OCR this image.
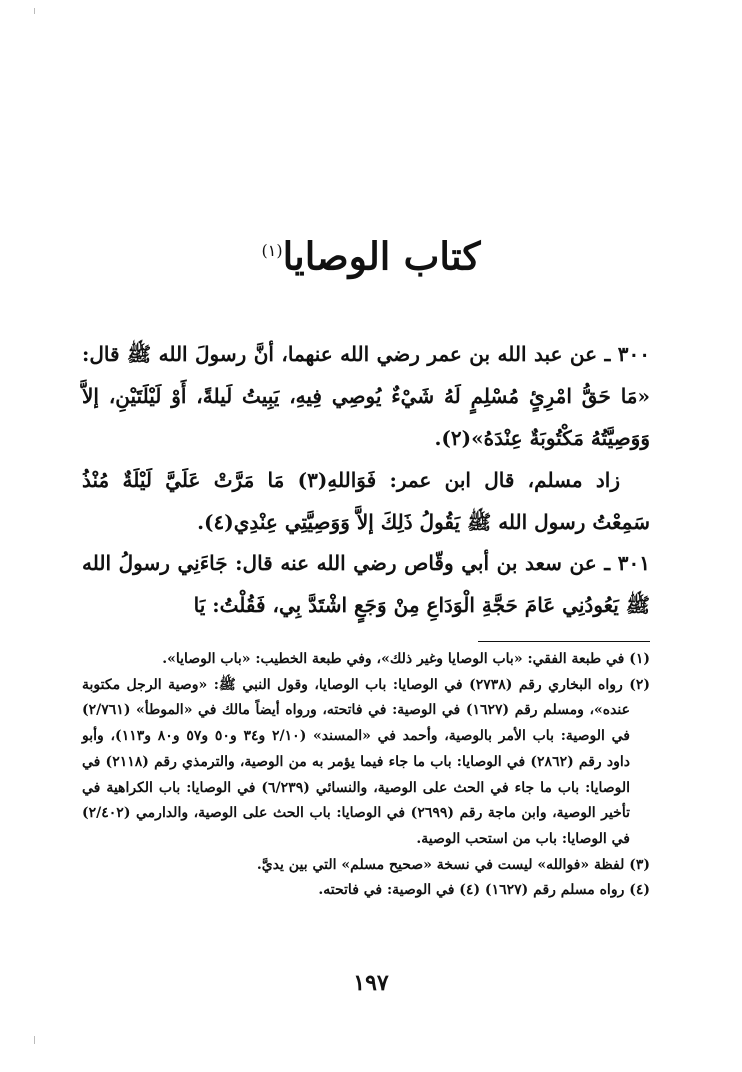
كتاب الوصايا$^{(١)}$

٣٠٠ ـ عن عبد الله بن عمر رضي الله عنهما، أنَّ رسولَ الله ﷺ قال: «مَا حَقُّ امْرِئٍ مُسْلِمٍ لَهُ شَيْءٌ يُوصِي فِيهِ، يَبِيتُ لَيلةً، أَوْ لَيْلَتَيْنِ، إلاَّ وَوَصِيَّتُهُ مَكْتُوبَةٌ عِنْدَهُ»(٢).

زاد مسلم، قال ابن عمر: فَوَاللهِ(٣) مَا مَرَّتْ عَلَيَّ لَيْلَةٌ مُنْذُ سَمِعْتُ رسول الله ﷺ يَقُولُ ذَلِكَ إلاَّ وَوَصِيَّتِي عِنْدِي(٤).

٣٠١ ـ عن سعد بن أبي وقّاص رضي الله عنه قال: جَاءَنِي رسولُ الله ﷺ يَعُودُنِي عَامَ حَجَّةِ الْوَدَاعِ مِنْ وَجَعٍ اشْتَدَّ بِي، فَقُلْتُ: يَا

(١) في طبعة الفقي: «باب الوصايا وغير ذلك»، وفي طبعة الخطيب: «باب الوصايا».

(٢) رواه البخاري رقم (٢٧٣٨) في الوصايا: باب الوصايا، وقول النبي ﷺ: «وصية الرجل مكتوبة عنده»، ومسلم رقم (١٦٢٧) في الوصية: في فاتحته، ورواه أيضاً مالك في «الموطأ» (٢/٧٦١) في الوصية: باب الأمر بالوصية، وأحمد في «المسند» (٢/١٠ و٣٤ و٥٠ و٥٧ و٨٠ و١١٣)، وأبو داود رقم (٢٨٦٢) في الوصايا: باب ما جاء فيما يؤمر به من الوصية، والترمذي رقم (٢١١٨) في الوصايا: باب ما جاء في الحث على الوصية، والنسائي (٦/٢٣٩) في الوصايا: باب الكراهية في تأخير الوصية، وابن ماجة رقم (٢٦٩٩) في الوصايا: باب الحث على الوصية، والدارمي (٢/٤٠٢) في الوصايا: باب من استحب الوصية.

(٣) لفظة «فوالله» ليست في نسخة «صحيح مسلم» التي بين يديَّ.

(٤) رواه مسلم رقم (١٦٢٧) (٤) في الوصية: في فاتحته.

١٩٧
